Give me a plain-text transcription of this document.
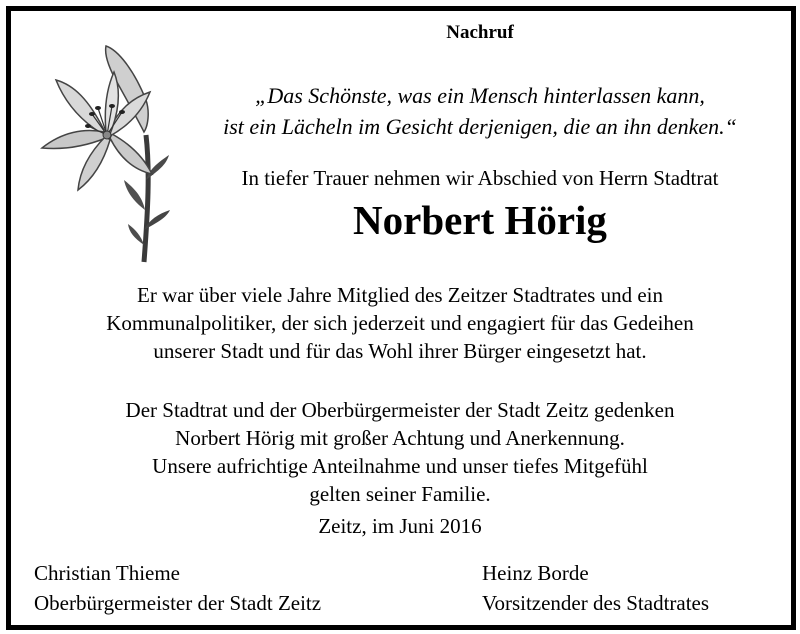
Nachruf
„Das Schönste, was ein Mensch hinterlassen kann,
ist ein Lächeln im Gesicht derjenigen, die an ihn denken.“
In tiefer Trauer nehmen wir Abschied von Herrn Stadtrat
Norbert Hörig
Er war über viele Jahre Mitglied des Zeitzer Stadtrates und ein
Kommunalpolitiker, der sich jederzeit und engagiert für das Gedeihen
unserer Stadt und für das Wohl ihrer Bürger eingesetzt hat.
Der Stadtrat und der Oberbürgermeister der Stadt Zeitz gedenken
Norbert Hörig mit großer Achtung und Anerkennung.
Unsere aufrichtige Anteilnahme und unser tiefes Mitgefühl
gelten seiner Familie.
Zeitz, im Juni 2016
Christian Thieme
Oberbürgermeister der Stadt Zeitz
Heinz Borde
Vorsitzender des Stadtrates
